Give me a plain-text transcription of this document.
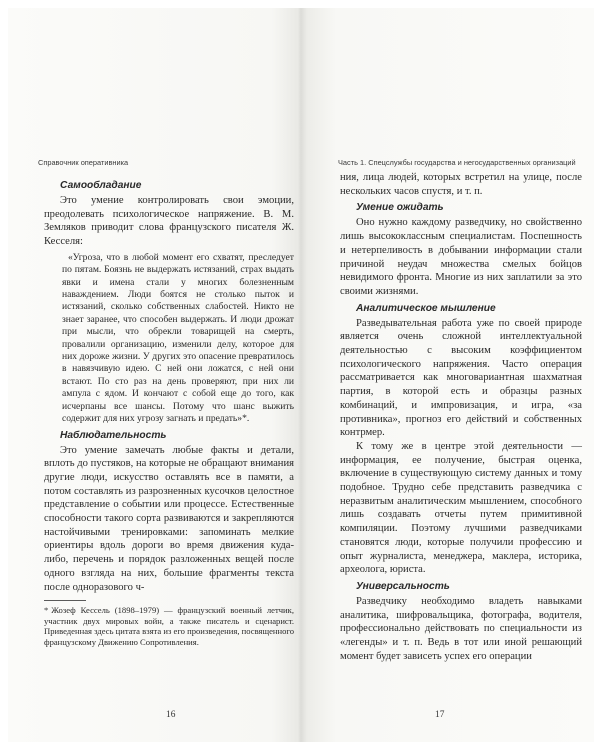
Справочник оперативника
Самообладание

Это умение контролировать свои эмоции, преодолевать психологическое напряжение. В. М. Земляков приводит слова французского писателя Ж. Кесселя:

«Угроза, что в любой момент его схватят, преследует по пятам. Боязнь не выдержать истязаний, страх выдать явки и имена стали у многих болезненным наваждением. Люди боятся не столько пыток и истязаний, сколько собственных слабостей. Никто не знает заранее, что способен выдержать. И люди дрожат при мысли, что обрекли товарищей на смерть, провалили организацию, изменили делу, которое для них дороже жизни. У других это опасение превратилось в навязчивую идею. С ней они ложатся, с ней они встают. По сто раз на день проверяют, при них ли ампула с ядом. И кончают с собой еще до того, как исчерпаны все шансы. Потому что шанс выжить содержит для них угрозу загнать и предать»*.

Наблюдательность

Это умение замечать любые факты и детали, вплоть до пустяков, на которые не обращают внимания другие люди, искусство оставлять все в памяти, а потом составлять из разрозненных кусочков целостное представление о событии или процессе. Естественные способности такого сорта развиваются и закрепляются настойчивыми тренировками: запоминать мелкие ориентиры вдоль дороги во время движения куда-либо, перечень и порядок разложенных вещей после одного взгляда на них, большие фрагменты текста после однoразового ч-

* Жозеф Кессель (1898–1979) — французский военный летчик, участник двух мировых войн, а также писатель и сценарист. Приведенная здесь цитата взята из его произведения, посвященного французскому Движению Сопротивления.

16
Часть 1. Спецслужбы государства и негосударственных организаций

ния, лица людей, которых встретил на улице, после нескольких часов спустя, и т. п.

Умение ожидать

Оно нужно каждому разведчику, но свойственно лишь высококлассным специалистам. Поспешность и нетерпеливость в добывании информации стали причиной неудач множества смелых бойцов невидимого фронта. Многие из них заплатили за это своими жизнями.

Аналитическое мышление

Разведывательная работа уже по своей природе является очень сложной интеллектуальной деятельностью с высоким коэффициентом психологического напряжения. Часто операция рассматривается как многовариантная шахматная партия, в которой есть и образцы разных комбинаций, и импровизация, и игра, «за противника», прогноз его действий и собственных контрмер.

К тому же в центре этой деятельности — информация, ее получение, быстрая оценка, включение в существующую систему данных и тому подобное. Трудно себе представить разведчика с неразвитым аналитическим мышлением, способного лишь создавать отчеты путем примитивной компиляции. Поэтому лучшими разведчиками становятся люди, которые получили профессию и опыт журналиста, менеджера, маклера, историка, археолога, юриста.

Универсальность

Разведчику необходимо владеть навыками аналитика, шифровальщика, фотографа, водителя, профессионально действовать по специальности из «легенды» и т. п. Ведь в тот или иной решающий момент будет зависеть успех его операции

17
